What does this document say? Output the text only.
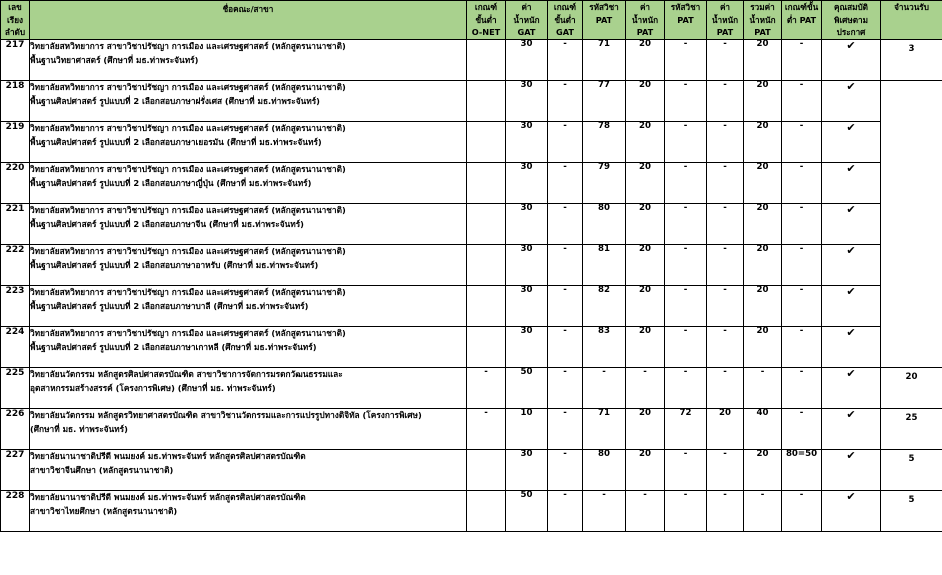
เลข
เรียง
ลำดับ	ชื่อคณะ/สาขา	เกณฑ์
ขั้นต่ำ
O-NET	ค่า
น้ำหนัก
GAT	เกณฑ์
ขั้นต่ำ
GAT	รหัสวิชา
PAT	ค่า
น้ำหนัก
PAT	รหัสวิชา
PAT	ค่า
น้ำหนัก
PAT	รวมค่า
น้ำหนัก
PAT	เกณฑ์ขั้น
ต่ำ PAT	คุณสมบัติ
พิเศษตาม
ประกาศ	จำนวนรับ

217	วิทยาลัยสหวิทยาการ สาขาวิชาปรัชญา การเมือง และเศรษฐศาสตร์ (หลักสูตรนานาชาติ)
พื้นฐานวิทยาศาสตร์ (ศึกษาที่ มธ.ท่าพระจันทร์)		30	-	71	20	-	-	20	-	✔	3
218	วิทยาลัยสหวิทยาการ สาขาวิชาปรัชญา การเมือง และเศรษฐศาสตร์ (หลักสูตรนานาชาติ)
พื้นฐานศิลปศาสตร์ รูปแบบที่ 2 เลือกสอบภาษาฝรั่งเศส (ศึกษาที่ มธ.ท่าพระจันทร์)		30	-	77	20	-	-	20	-	✔	
219	วิทยาลัยสหวิทยาการ สาขาวิชาปรัชญา การเมือง และเศรษฐศาสตร์ (หลักสูตรนานาชาติ)
พื้นฐานศิลปศาสตร์ รูปแบบที่ 2 เลือกสอบภาษาเยอรมัน (ศึกษาที่ มธ.ท่าพระจันทร์)		30	-	78	20	-	-	20	-	✔	
220	วิทยาลัยสหวิทยาการ สาขาวิชาปรัชญา การเมือง และเศรษฐศาสตร์ (หลักสูตรนานาชาติ)
พื้นฐานศิลปศาสตร์ รูปแบบที่ 2 เลือกสอบภาษาญี่ปุ่น (ศึกษาที่ มธ.ท่าพระจันทร์)		30	-	79	20	-	-	20	-	✔	
221	วิทยาลัยสหวิทยาการ สาขาวิชาปรัชญา การเมือง และเศรษฐศาสตร์ (หลักสูตรนานาชาติ)
พื้นฐานศิลปศาสตร์ รูปแบบที่ 2 เลือกสอบภาษาจีน (ศึกษาที่ มธ.ท่าพระจันทร์)		30	-	80	20	-	-	20	-	✔	
222	วิทยาลัยสหวิทยาการ สาขาวิชาปรัชญา การเมือง และเศรษฐศาสตร์ (หลักสูตรนานาชาติ)
พื้นฐานศิลปศาสตร์ รูปแบบที่ 2 เลือกสอบภาษาอาหรับ (ศึกษาที่ มธ.ท่าพระจันทร์)		30	-	81	20	-	-	20	-	✔	
223	วิทยาลัยสหวิทยาการ สาขาวิชาปรัชญา การเมือง และเศรษฐศาสตร์ (หลักสูตรนานาชาติ)
พื้นฐานศิลปศาสตร์ รูปแบบที่ 2 เลือกสอบภาษาบาลี (ศึกษาที่ มธ.ท่าพระจันทร์)		30	-	82	20	-	-	20	-	✔	
224	วิทยาลัยสหวิทยาการ สาขาวิชาปรัชญา การเมือง และเศรษฐศาสตร์ (หลักสูตรนานาชาติ)
พื้นฐานศิลปศาสตร์ รูปแบบที่ 2 เลือกสอบภาษาเกาหลี (ศึกษาที่ มธ.ท่าพระจันทร์)		30	-	83	20	-	-	20	-	✔	
225	วิทยาลัยนวัตกรรม หลักสูตรศิลปศาสตรบัณฑิต สาขาวิชาการจัดการมรดกวัฒนธรรมและ
อุตสาหกรรมสร้างสรรค์ (โครงการพิเศษ) (ศึกษาที่ มธ. ท่าพระจันทร์)	-	50	-	-	-	-	-	-	-	✔	20
226	วิทยาลัยนวัตกรรม หลักสูตรวิทยาศาสตรบัณฑิต สาขาวิชานวัตกรรมและการแปรรูปทางดิจิทัล (โครงการพิเศษ)
(ศึกษาที่ มธ. ท่าพระจันทร์)	-	10	-	71	20	72	20	40	-	✔	25
227	วิทยาลัยนานาชาติปรีดี พนมยงค์ มธ.ท่าพระจันทร์ หลักสูตรศิลปศาสตรบัณฑิต
สาขาวิชาจีนศึกษา (หลักสูตรนานาชาติ)		30	-	80	20	-	-	20	80=50	✔	5
228	วิทยาลัยนานาชาติปรีดี พนมยงค์ มธ.ท่าพระจันทร์ หลักสูตรศิลปศาสตรบัณฑิต
สาขาวิชาไทยศึกษา (หลักสูตรนานาชาติ)		50	-	-	-	-	-	-	-	✔	5
